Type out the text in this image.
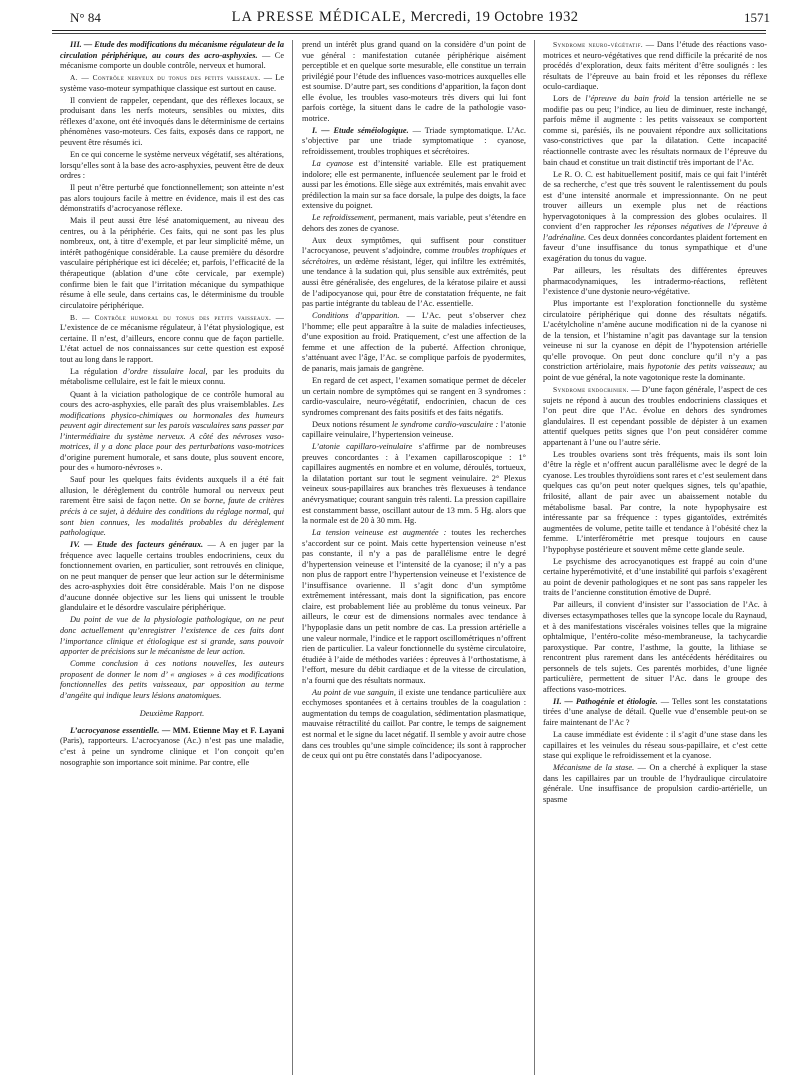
N° 84	LA PRESSE MÉDICALE, Mercredi, 19 Octobre 1932	1571

III. — Etude des modifications du mécanisme régulateur de la circulation périphérique, au cours des acro-asphyxies. — Ce mécanisme comporte un double contrôle, nerveux et humoral.

A. — Contrôle nerveux du tonus des petits vaisseaux. — Le système vaso-moteur sympathique classique est surtout en cause.

Il convient de rappeler, cependant, que des réflexes locaux, se produisant dans les nerfs moteurs, sensibles ou mixtes, dits réflexes d’axone, ont été invoqués dans le déterminisme de certains phénomènes vaso-moteurs. Ces faits, exposés dans ce rapport, ne peuvent être résumés ici.

En ce qui concerne le système nerveux végétatif, ses altérations, lorsqu’elles sont à la base des acro-asphyxies, peuvent être de deux ordres :

Il peut n’être perturbé que fonctionnellement; son atteinte n’est pas alors toujours facile à mettre en évidence, mais il est des cas démonstratifs d’acrocyanose réflexe.

Mais il peut aussi être lésé anatomiquement, au niveau des centres, ou à la périphérie. Ces faits, qui ne sont pas les plus nombreux, ont, à titre d’exemple, et par leur simplicité même, un intérêt pathogénique considérable. La cause première du désordre vasculaire périphérique est ici décelée; et, parfois, l’efficacité de la thérapeutique (ablation d’une côte cervicale, par exemple) confirme bien le fait que l’irritation mécanique du sympathique résume à elle seule, dans certains cas, le déterminisme du trouble circulatoire périphérique.

B. — Contrôle humoral du tonus des petits vaisseaux. — L’existence de ce mécanisme régulateur, à l’état physiologique, est certaine. Il n’est, d’ailleurs, encore connu que de façon partielle. L’état actuel de nos connaissances sur cette question est exposé tout au long dans le rapport.

La régulation d’ordre tissulaire local, par les produits du métabolisme cellulaire, est le fait le mieux connu.

Quant à la viciation pathologique de ce contrôle humoral au cours des acro-asphyxies, elle paraît des plus vraisemblables. Les modifications physico-chimiques ou hormonales des humeurs peuvent agir directement sur les parois vasculaires sans passer par l’intermédiaire du système nerveux. A côté des névroses vaso-motrices, il y a donc place pour des perturbations vaso-motrices d’origine purement humorale, et sans doute, plus souvent encore, pour des « humoro-névroses ».

Sauf pour les quelques faits évidents auxquels il a été fait allusion, le dérèglement du contrôle humoral ou nerveux peut rarement être saisi de façon nette. On se borne, faute de critères précis à ce sujet, à déduire des conditions du réglage normal, qui sont bien connues, les modalités probables du dérèglement pathologique.

IV. — Etude des facteurs généraux. — A en juger par la fréquence avec laquelle certains troubles endocriniens, ceux du fonctionnement ovarien, en particulier, sont retrouvés en clinique, on ne peut manquer de penser que leur action sur le déterminisme des acro-asphyxies doit être considérable. Mais l’on ne dispose d’aucune donnée objective sur les liens qui unissent le trouble glandulaire et le désordre vasculaire périphérique.

Du point de vue de la physiologie pathologique, on ne peut donc actuellement qu’enregistrer l’existence de ces faits dont l’importance clinique et étiologique est si grande, sans pouvoir apporter de précisions sur le mécanisme de leur action.

Comme conclusion à ces notions nouvelles, les auteurs proposent de donner le nom d’ « angioses » à ces modifications fonctionnelles des petits vaisseaux, par opposition au terme d’angéite qui indique leurs lésions anatomiques.

Deuxième Rapport.

L’acrocyanose essentielle. — MM. Etienne May et F. Layani (Paris), rapporteurs. L’acrocyanose (Ac.) n’est pas une maladie, c’est à peine un syndrome clinique et l’on conçoit qu’en nosographie son importance soit minime. Par contre, elle

prend un intérêt plus grand quand on la considère d’un point de vue général : manifestation cutanée périphérique aisément perceptible et en quelque sorte mesurable, elle constitue un terrain privilégié pour l’étude des influences vaso-motrices auxquelles elle est soumise. D’autre part, ses conditions d’apparition, la façon dont elle évolue, les troubles vaso-moteurs très divers qui lui font parfois cortège, la situent dans le cadre de la pathologie vaso-motrice.

I. — Etude séméiologique. — Triade symptomatique. L’Ac. s’objective par une triade symptomatique : cyanose, refroidissement, troubles trophiques et sécrétoires.

La cyanose est d’intensité variable. Elle est pratiquement indolore; elle est permanente, influencée seulement par le froid et aussi par les émotions. Elle siège aux extrémités, mais envahit avec prédilection la main sur sa face dorsale, la pulpe des doigts, la face extensive du poignet.

Le refroidissement, permanent, mais variable, peut s’étendre en dehors des zones de cyanose.

Aux deux symptômes, qui suffisent pour constituer l’acrocyanose, peuvent s’adjoindre, comme troubles trophiques et sécrétoires, un œdème résistant, léger, qui infiltre les extrémités, une tendance à la sudation qui, plus sensible aux extrémités, peut aussi être généralisée, des engelures, de la kératose pilaire et aussi de l’adipocyanose qui, pour être de constatation fréquente, ne fait pas partie intégrante du tableau de l’Ac. essentielle.

Conditions d’apparition. — L’Ac. peut s’observer chez l’homme; elle peut apparaître à la suite de maladies infectieuses, d’une exposition au froid. Pratiquement, c’est une affection de la femme et une affection de la puberté. Affection chronique, s’atténuant avec l’âge, l’Ac. se complique parfois de pyodermites, de panaris, mais jamais de gangrène.

En regard de cet aspect, l’examen somatique permet de déceler un certain nombre de symptômes qui se rangent en 3 syndromes : cardio-vasculaire, neuro-végétatif, endocrinien, chacun de ces syndromes comprenant des faits positifs et des faits négatifs.

Deux notions résument le syndrome cardio-vasculaire : l’atonie capillaire veinulaire, l’hypertension veineuse.

L’atonie capillaro-veinulaire s’affirme par de nombreuses preuves concordantes : à l’examen capillaroscopique : 1° capillaires augmentés en nombre et en volume, déroulés, tortueux, la dilatation portant sur tout le segment veinulaire. 2° Plexus veineux sous-papillaires aux branches très flexueuses à tendance anévrysmatique; courant sanguin très ralenti. La pression capillaire est constamment basse, oscillant autour de 13 mm. 5 Hg. alors que la normale est de 20 à 30 mm. Hg.

La tension veineuse est augmentée : toutes les recherches s’accordent sur ce point. Mais cette hypertension veineuse n’est pas constante, il n’y a pas de parallélisme entre le degré d’hypertension veineuse et l’intensité de la cyanose; il n’y a pas non plus de rapport entre l’hypertension veineuse et l’existence de l’insuffisance ovarienne. Il s’agit donc d’un symptôme extrêmement intéressant, mais dont la signification, pas encore claire, est probablement liée au problème du tonus veineux. Par ailleurs, le cœur est de dimensions normales avec tendance à l’hypoplasie dans un petit nombre de cas. La pression artérielle a une valeur normale, l’indice et le rapport oscillométriques n’offrent rien de particulier. La valeur fonctionnelle du système circulatoire, étudiée à l’aide de méthodes variées : épreuves à l’orthostatisme, à l’effort, mesure du débit cardiaque et de la vitesse de circulation, n’a fourni que des résultats normaux.

Au point de vue sanguin, il existe une tendance particulière aux ecchymoses spontanées et à certains troubles de la coagulation : augmentation du temps de coagulation, sédimentation plasmatique, mauvaise rétractilité du caillot. Par contre, le temps de saignement est normal et le signe du lacet négatif. Il semble y avoir autre chose dans ces troubles qu’une simple coïncidence; ils sont à rapprocher de ceux qui ont pu être constatés dans l’adipocyanose.

Syndrome neuro-végétatif. — Dans l’étude des réactions vaso-motrices et neuro-végétatives que rend difficile la précarité de nos procédés d’exploration, deux faits méritent d’être soulignés : les résultats de l’épreuve au bain froid et les réponses du réflexe oculo-cardiaque.

Lors de l’épreuve du bain froid la tension artérielle ne se modifie pas ou peu; l’indice, au lieu de diminuer, reste inchangé, parfois même il augmente : les petits vaisseaux se comportent comme si, parésiés, ils ne pouvaient répondre aux sollicitations vaso-constrictives que par la dilatation. Cette incapacité réactionnelle contraste avec les résultats normaux de l’épreuve du bain chaud et constitue un trait distinctif très important de l’Ac.

Le R. O. C. est habituellement positif, mais ce qui fait l’intérêt de sa recherche, c’est que très souvent le ralentissement du pouls est d’une intensité anormale et impressionnante. On ne peut trouver ailleurs un exemple plus net de réactions hypervagotoniques à la compression des globes oculaires. Il convient d’en rapprocher les réponses négatives de l’épreuve à l’adrénaline. Ces deux données concordantes plaident fortement en faveur d’une insuffisance du tonus sympathique et d’une exagération du tonus du vague.

Par ailleurs, les résultats des différentes épreuves pharmacodynamiques, les intradermo-réactions, reflètent l’existence d’une dystonie neuro-végétative.

Plus importante est l’exploration fonctionnelle du système circulatoire périphérique qui donne des résultats négatifs. L’acétylcholine n’amène aucune modification ni de la cyanose ni de la tension, et l’histamine n’agit pas davantage sur la tension veineuse ni sur la cyanose en dépit de l’hypotension artérielle qu’elle provoque. On peut donc conclure qu’il n’y a pas constriction artériolaire, mais hypotonie des petits vaisseaux; au point de vue général, la note vagotonique reste la dominante.

Syndrome endocrinien. — D’une façon générale, l’aspect de ces sujets ne répond à aucun des troubles endocriniens classiques et l’on peut dire que l’Ac. évolue en dehors des syndromes glandulaires. Il est cependant possible de dépister à un examen attentif quelques petits signes que l’on peut considérer comme appartenant à l’une ou l’autre série.

Les troubles ovariens sont très fréquents, mais ils sont loin d’être la règle et n’offrent aucun parallélisme avec le degré de la cyanose. Les troubles thyroïdiens sont rares et c’est seulement dans quelques cas qu’on peut noter quelques signes, tels qu’apathie, frilosité, allant de pair avec un abaissement notable du métabolisme basal. Par contre, la note hypophysaire est intéressante par sa fréquence : types gigantoïdes, extrémités augmentées de volume, petite taille et tendance à l’obésité chez la femme. L’interférométrie met presque toujours en cause l’hypophyse postérieure et souvent même cette glande seule.

Le psychisme des acrocyanotiques est frappé au coin d’une certaine hyperémotivité, et d’une instabilité qui parfois s’exagèrent au point de devenir pathologiques et ne sont pas sans rappeler les traits de l’ancienne constitution émotive de Dupré.

Par ailleurs, il convient d’insister sur l’association de l’Ac. à diverses ectasympathoses telles que la syncope locale du Raynaud, et à des manifestations viscérales voisines telles que la migraine ophtalmique, l’entéro-colite méso-membraneuse, la tachycardie paroxystique. Par contre, l’asthme, la goutte, la lithiase se rencontrent plus rarement dans les antécédents héréditaires ou personnels de tels sujets. Ces parentés morbides, d’une lignée particulière, permettent de situer l’Ac. dans le groupe des affections vaso-motrices.

II. — Pathogénie et étiologie. — Telles sont les constatations tirées d’une analyse de détail. Quelle vue d’ensemble peut-on se faire maintenant de l’Ac ?

La cause immédiate est évidente : il s’agit d’une stase dans les capillaires et les veinules du réseau sous-papillaire, et c’est cette stase qui explique le refroidissement et la cyanose.

Mécanisme de la stase. — On a cherché à expliquer la stase dans les capillaires par un trouble de l’hydraulique circulatoire générale. Une insuffisance de propulsion cardio-artérielle, un spasme
